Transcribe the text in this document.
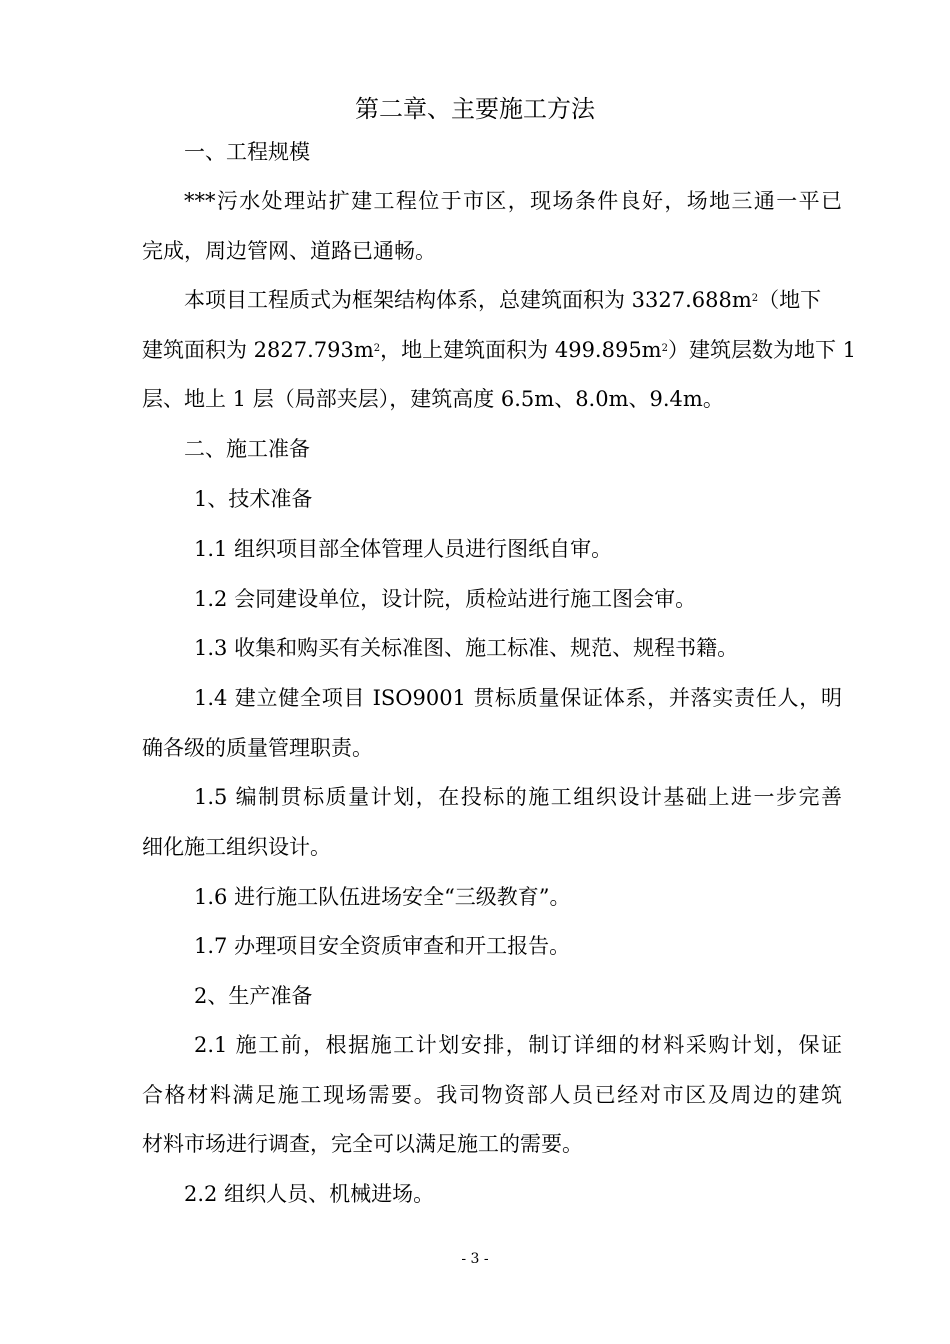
第二章、主要施工方法
一、工程规模
***污水处理站扩建工程位于市区，现场条件良好，场地三通一平已
完成，周边管网、道路已通畅。
本项目工程质式为框架结构体系，总建筑面积为 $3327.688m^2$（地下
建筑面积为 $2827.793m^2$，地上建筑面积为 $499.895m^2$）建筑层数为地下 1
层、地上 1 层（局部夹层），建筑高度 6.5m、8.0m、9.4m。
二、施工准备
1、技术准备
1.1 组织项目部全体管理人员进行图纸自审。
1.2 会同建设单位，设计院，质检站进行施工图会审。
1.3 收集和购买有关标准图、施工标准、规范、规程书籍。
1.4 建立健全项目 ISO9001 贯标质量保证体系，并落实责任人，明
确各级的质量管理职责。
1.5 编制贯标质量计划，在投标的施工组织设计基础上进一步完善
细化施工组织设计。
1.6 进行施工队伍进场安全“三级教育”。
1.7 办理项目安全资质审查和开工报告。
2、生产准备
2.1 施工前，根据施工计划安排，制订详细的材料采购计划，保证
合格材料满足施工现场需要。我司物资部人员已经对市区及周边的建筑
材料市场进行调查，完全可以满足施工的需要。
2.2 组织人员、机械进场。
- 3 -
